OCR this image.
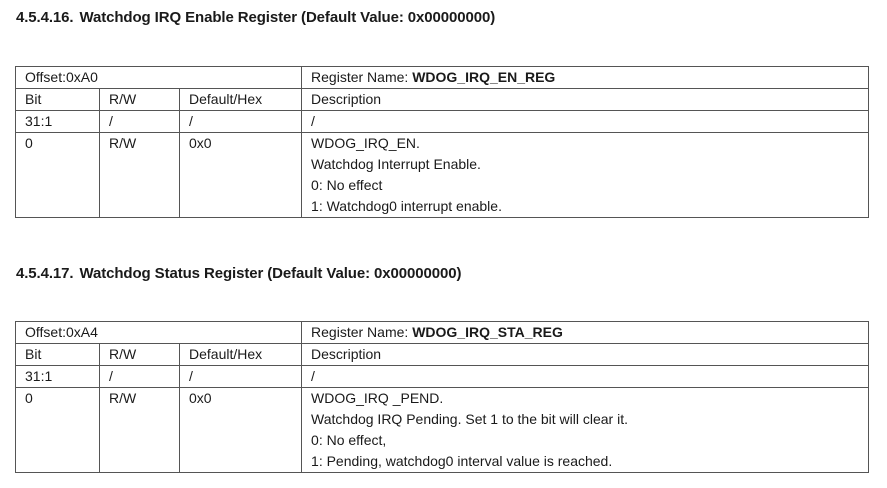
4.5.4.16. Watchdog IRQ Enable Register (Default Value: 0x00000000)
Offset:0xA0			Register Name: WDOG_IRQ_EN_REG
Bit	R/W	Default/Hex	Description
31:1	/	/	/

0	R/W	0x0	WDOG_IRQ_EN.
Watchdog Interrupt Enable.
0: No effect
1: Watchdog0 interrupt enable.
4.5.4.17. Watchdog Status Register (Default Value: 0x00000000)
Offset:0xA4			Register Name: WDOG_IRQ_STA_REG
Bit	R/W	Default/Hex	Description
31:1	/	/	/

0	R/W	0x0	WDOG_IRQ _PEND.
Watchdog IRQ Pending. Set 1 to the bit will clear it.
0: No effect,
1: Pending, watchdog0 interval value is reached.
